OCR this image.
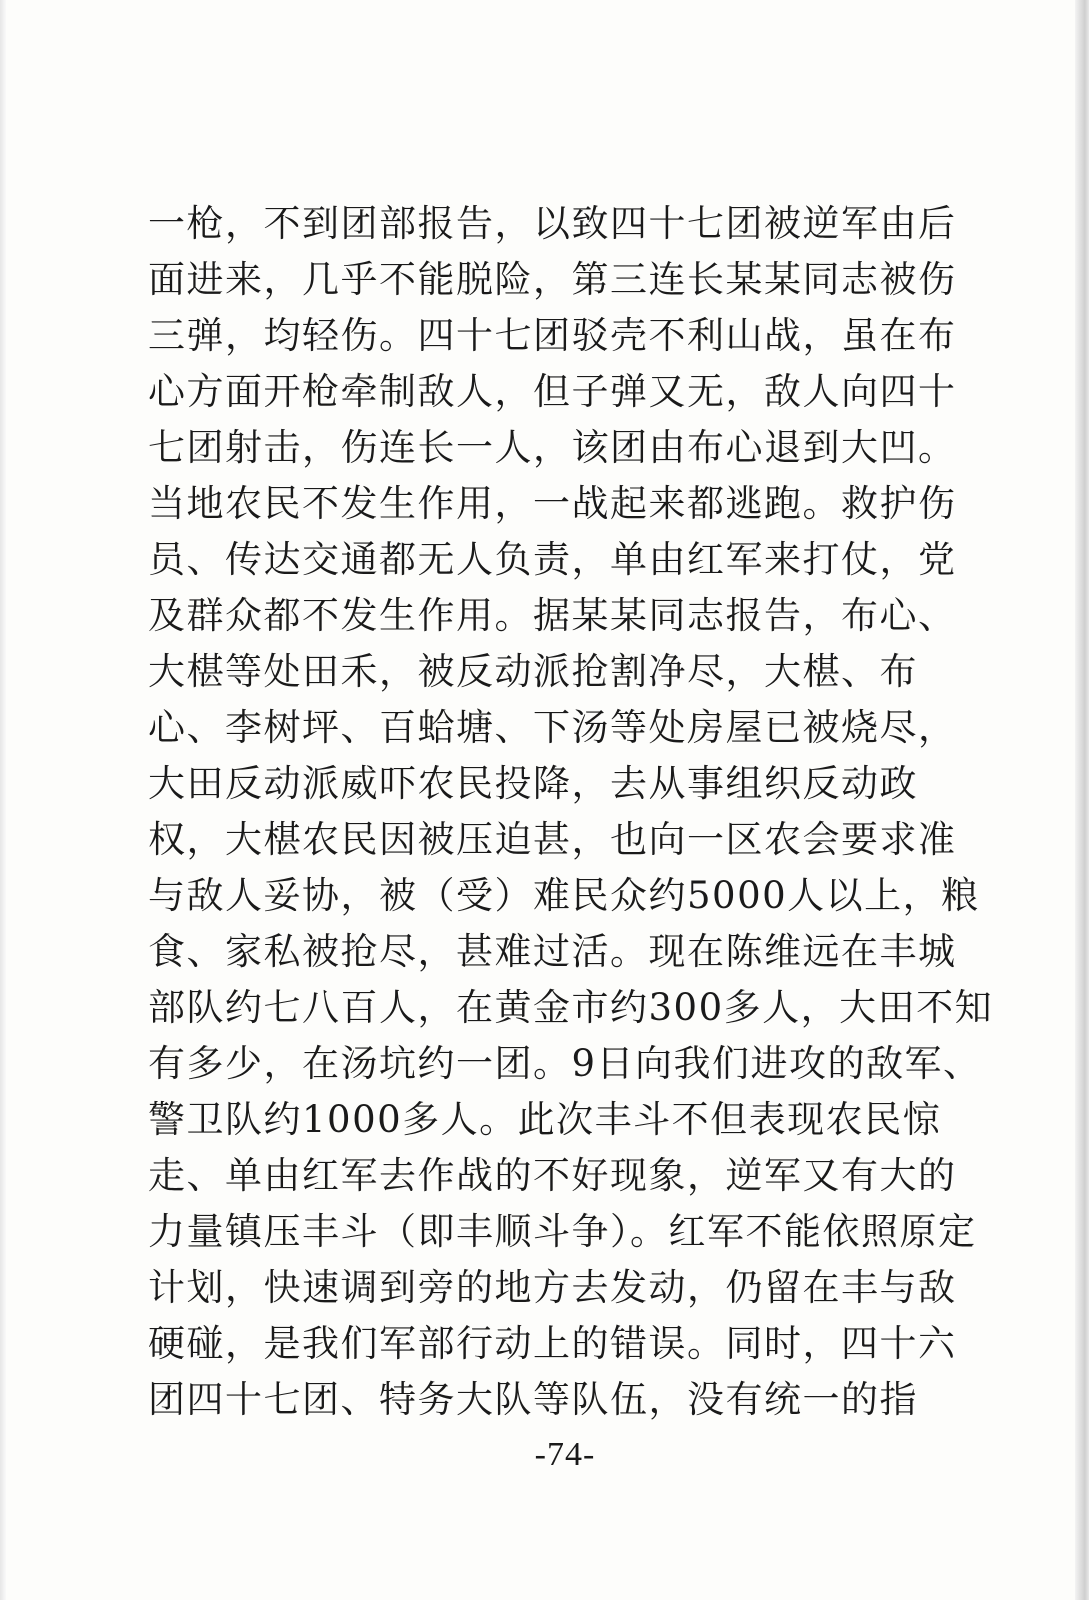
一枪，不到团部报告，以致四十七团被逆军由后
面进来，几乎不能脱险，第三连长某某同志被伤
三弹，均轻伤。四十七团驳壳不利山战，虽在布
心方面开枪牵制敌人，但子弹又无，敌人向四十
七团射击，伤连长一人，该团由布心退到大凹。
当地农民不发生作用，一战起来都逃跑。救护伤
员、传达交通都无人负责，单由红军来打仗，党
及群众都不发生作用。据某某同志报告，布心、
大椹等处田禾，被反动派抢割净尽，大椹、布
心、李树坪、百蛤塘、下汤等处房屋已被烧尽，
大田反动派威吓农民投降，去从事组织反动政
权，大椹农民因被压迫甚，也向一区农会要求准
与敌人妥协，被（受）难民众约5000人以上，粮
食、家私被抢尽，甚难过活。现在陈维远在丰城
部队约七八百人，在黄金市约300多人，大田不知
有多少，在汤坑约一团。9日向我们进攻的敌军、
警卫队约1000多人。此次丰斗不但表现农民惊
走、单由红军去作战的不好现象，逆军又有大的
力量镇压丰斗（即丰顺斗争）。红军不能依照原定
计划，快速调到旁的地方去发动，仍留在丰与敌
硬碰，是我们军部行动上的错误。同时，四十六
团四十七团、特务大队等队伍，没有统一的指
-74-
